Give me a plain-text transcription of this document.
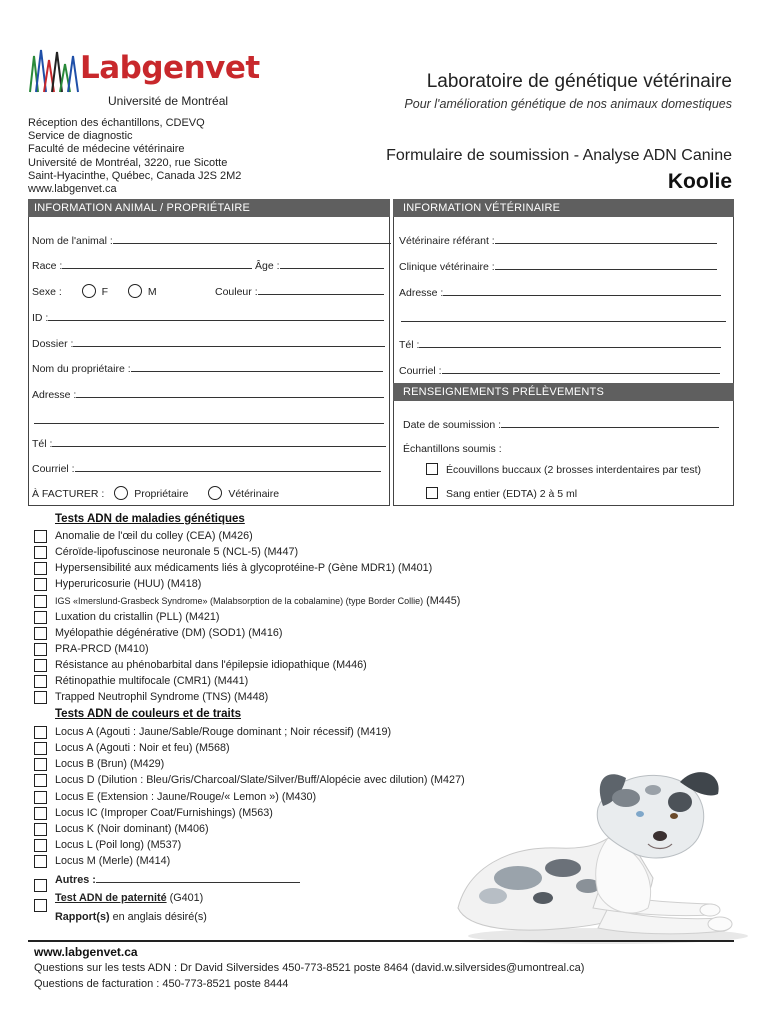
Labgenvet
Université de Montréal
Laboratoire de génétique vétérinaire
Pour l'amélioration génétique de nos animaux domestiques
Réception des échantillons, CDEVQ
Service de diagnostic
Faculté de médecine vétérinaire
Université de Montréal, 3220, rue Sicotte
Saint-Hyacinthe, Québec, Canada J2S 2M2
www.labgenvet.ca
Formulaire de soumission - Analyse ADN Canine
Koolie
INFORMATION ANIMAL / PROPRIÉTAIRE
Nom de l'animal :
Race :	Âge :
Sexe :	F	M	Couleur :
ID :
Dossier :
Nom du propriétaire :
Adresse :
Tél :
Courriel :
À FACTURER :	Propriétaire	Vétérinaire
INFORMATION VÉTÉRINAIRE
Vétérinaire référant :
Clinique vétérinaire :
Adresse :
Tél :
Courriel :
RENSEIGNEMENTS PRÉLÈVEMENTS
Date de soumission :
Échantillons soumis :
Écouvillons buccaux (2 brosses interdentaires par test)
Sang entier (EDTA) 2 à 5 ml
Tests ADN de maladies génétiques
Anomalie de l'œil du colley (CEA) (M426)
Céroïde-lipofuscinose neuronale 5 (NCL-5) (M447)
Hypersensibilité aux médicaments liés à glycoprotéine-P (Gène MDR1) (M401)
Hyperuricosurie (HUU) (M418)
IGS «Imerslund-Grasbeck Syndrome» (Malabsorption de la cobalamine) (type Border Collie) (M445)
Luxation du cristallin (PLL) (M421)
Myélopathie dégénérative (DM) (SOD1) (M416)
PRA-PRCD (M410)
Résistance au phénobarbital dans l'épilepsie idiopathique (M446)
Rétinopathie multifocale (CMR1) (M441)
Trapped Neutrophil Syndrome (TNS) (M448)
Tests ADN de couleurs et de traits
Locus A (Agouti : Jaune/Sable/Rouge dominant ; Noir récessif) (M419)
Locus A (Agouti : Noir et feu) (M568)
Locus B (Brun) (M429)
Locus D (Dilution : Bleu/Gris/Charcoal/Slate/Silver/Buff/Alopécie avec dilution) (M427)
Locus E (Extension : Jaune/Rouge/« Lemon ») (M430)
Locus IC (Improper Coat/Furnishings) (M563)
Locus K (Noir dominant) (M406)
Locus L (Poil long) (M537)
Locus M (Merle) (M414)
Autres :
Test ADN de paternité (G401)
Rapport(s) en anglais désiré(s)
www.labgenvet.ca
Questions sur les tests ADN : Dr David Silversides 450-773-8521 poste 8464 (david.w.silversides@umontreal.ca)
Questions de facturation : 450-773-8521 poste 8444
